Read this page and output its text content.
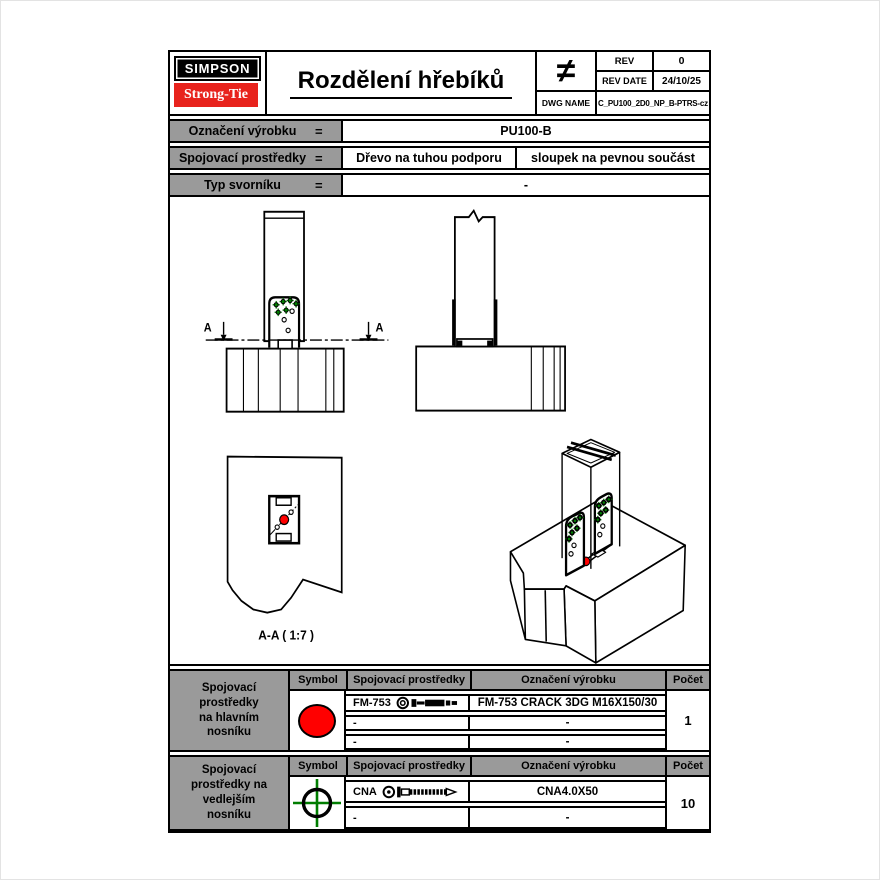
SIMPSON
Strong-Tie
Rozdělení hřebíků	≠	REV	0
REV DATE	24/10/25
DWG NAME C_PU100_2D0_NP_B-PTRS-cz
Označení výrobku	=	PU100-B
Spojovací prostředky =	Dřevo na tuhou podporu	sloupek na pevnou součást
Typ svorníku	=	-
A	A
A-A ( 1:7 )
Spojovací
prostředky
na hlavním
nosníku
Symbol	Spojovací prostředky	Označení výrobku	Počet
FM-753	FM-753 CRACK 3DG M16X150/30
-	-
-	-
1
Spojovací
prostředky na
vedlejším
nosníku
Symbol	Spojovací prostředky	Označení výrobku	Počet
CNA	CNA4.0X50
-	-
10
